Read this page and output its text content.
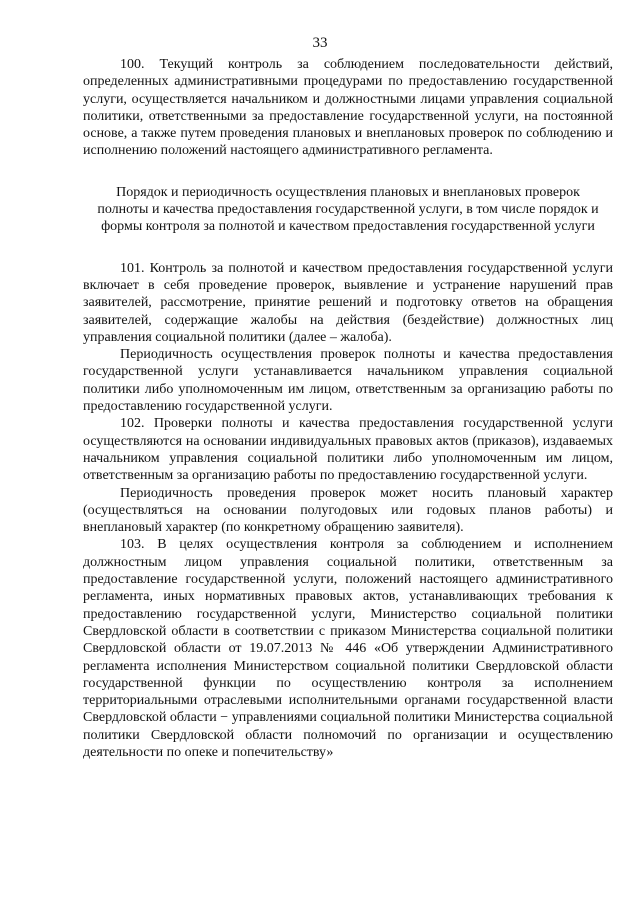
33

100. Текущий контроль за соблюдением последовательности действий, определенных административными процедурами по предоставлению государственной услуги, осуществляется начальником и должностными лицами управления социальной политики, ответственными за предоставление государственной услуги, на постоянной основе, а также путем проведения плановых и внеплановых проверок по соблюдению и исполнению положений настоящего административного регламента.

Порядок и периодичность осуществления плановых и внеплановых проверок полноты и качества предоставления государственной услуги, в том числе порядок и формы контроля за полнотой и качеством предоставления государственной услуги

101. Контроль за полнотой и качеством предоставления государственной услуги включает в себя проведение проверок, выявление и устранение нарушений прав заявителей, рассмотрение, принятие решений и подготовку ответов на обращения заявителей, содержащие жалобы на действия (бездействие) должностных лиц управления социальной политики (далее – жалоба).

Периодичность осуществления проверок полноты и качества предоставления государственной услуги устанавливается начальником управления социальной политики либо уполномоченным им лицом, ответственным за организацию работы по предоставлению государственной услуги.

102. Проверки полноты и качества предоставления государственной услуги осуществляются на основании индивидуальных правовых актов (приказов), издаваемых начальником управления социальной политики либо уполномоченным им лицом, ответственным за организацию работы по предоставлению государственной услуги.

Периодичность проведения проверок может носить плановый характер (осуществляться на основании полугодовых или годовых планов работы) и внеплановый характер (по конкретному обращению заявителя).

103. В целях осуществления контроля за соблюдением и исполнением должностным лицом управления социальной политики, ответственным за предоставление государственной услуги, положений настоящего административного регламента, иных нормативных правовых актов, устанавливающих требования к предоставлению государственной услуги, Министерство социальной политики Свердловской области в соответствии с приказом Министерства социальной политики Свердловской области от 19.07.2013 № 446 «Об утверждении Административного регламента исполнения Министерством социальной политики Свердловской области государственной функции по осуществлению контроля за исполнением территориальными отраслевыми исполнительными органами государственной власти Свердловской области − управлениями социальной политики Министерства социальной политики Свердловской области полномочий по организации и осуществлению деятельности по опеке и попечительству»
